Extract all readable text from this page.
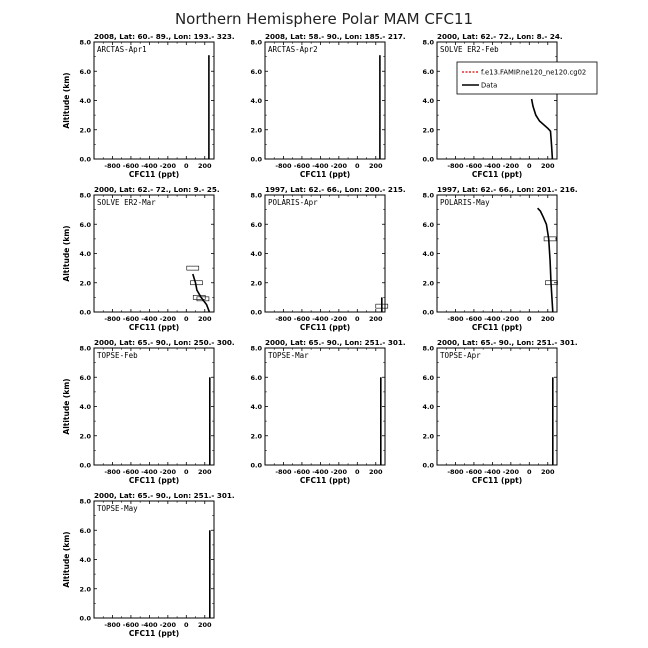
Northern Hemisphere Polar MAM CFC11
2008, Lat: 60.- 89., Lon: 193.- 323.
ARCTAS-Apr1
0.0
2.0
4.0
6.0
8.0
-800 -600 -400 -200 0 200
CFC11 (ppt)
Altitude (km)
2008, Lat: 58.- 90., Lon: 185.- 217.
ARCTAS-Apr2
0.0
2.0
4.0
6.0
8.0
-800 -600 -400 -200 0 200
CFC11 (ppt)
2000, Lat: 62.- 72., Lon: 8.- 24.
SOLVE ER2-Feb
0.0
2.0
4.0
6.0
8.0
-800 -600 -400 -200 0 200
CFC11 (ppt)
f.e13.FAMIP.ne120_ne120.cg02
Data
2000, Lat: 62.- 72., Lon: 9.- 25.
SOLVE ER2-Mar
0.0
2.0
4.0
6.0
8.0
-800 -600 -400 -200 0 200
CFC11 (ppt)
Altitude (km)
1997, Lat: 62.- 66., Lon: 200.- 215.
POLARIS-Apr
0.0
2.0
4.0
6.0
8.0
-800 -600 -400 -200 0 200
CFC11 (ppt)
1997, Lat: 62.- 66., Lon: 201.- 216.
POLARIS-May
0.0
2.0
4.0
6.0
8.0
-800 -600 -400 -200 0 200
CFC11 (ppt)
2000, Lat: 65.- 90., Lon: 250.- 300.
TOPSE-Feb
0.0
2.0
4.0
6.0
8.0
-800 -600 -400 -200 0 200
CFC11 (ppt)
Altitude (km)
2000, Lat: 65.- 90., Lon: 251.- 301.
TOPSE-Mar
0.0
2.0
4.0
6.0
8.0
-800 -600 -400 -200 0 200
CFC11 (ppt)
2000, Lat: 65.- 90., Lon: 251.- 301.
TOPSE-Apr
0.0
2.0
4.0
6.0
8.0
-800 -600 -400 -200 0 200
CFC11 (ppt)
2000, Lat: 65.- 90., Lon: 251.- 301.
TOPSE-May
0.0
2.0
4.0
6.0
8.0
-800 -600 -400 -200 0 200
CFC11 (ppt)
Altitude (km)
